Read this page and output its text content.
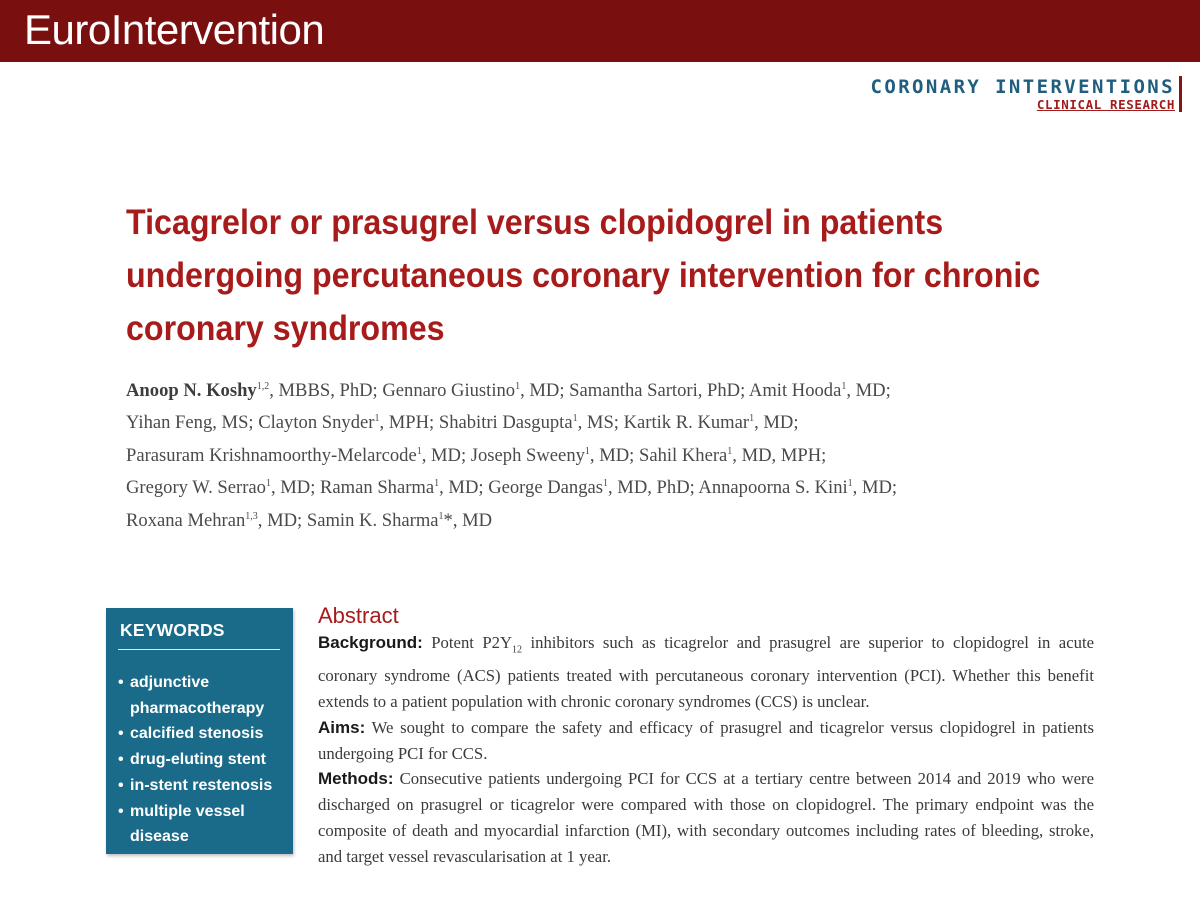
EuroIntervention
CORONARY INTERVENTIONS
CLINICAL RESEARCH
Ticagrelor or prasugrel versus clopidogrel in patients
undergoing percutaneous coronary intervention for chronic
coronary syndromes
Anoop N. Koshy$^{1,2}$, MBBS, PhD; Gennaro Giustino$^1$, MD; Samantha Sartori, PhD; Amit Hooda$^1$, MD;
Yihan Feng, MS; Clayton Snyder$^1$, MPH; Shabitri Dasgupta$^1$, MS; Kartik R. Kumar$^1$, MD;
Parasuram Krishnamoorthy-Melarcode$^1$, MD; Joseph Sweeny$^1$, MD; Sahil Khera$^1$, MD, MPH;
Gregory W. Serrao$^1$, MD; Raman Sharma$^1$, MD; George Dangas$^1$, MD, PhD; Annapoorna S. Kini$^1$, MD;
Roxana Mehran$^{1,3}$, MD; Samin K. Sharma$^1$*, MD
KEYWORDS
• adjunctive pharmacotherapy
• calcified stenosis
• drug-eluting stent
• in-stent restenosis
• multiple vessel disease
Abstract

Background: Potent $P2Y_{12}$ inhibitors such as ticagrelor and prasugrel are superior to clopidogrel in acute coronary syndrome (ACS) patients treated with percutaneous coronary intervention (PCI). Whether this benefit extends to a patient population with chronic coronary syndromes (CCS) is unclear.

Aims: We sought to compare the safety and efficacy of prasugrel and ticagrelor versus clopidogrel in patients undergoing PCI for CCS.

Methods: Consecutive patients undergoing PCI for CCS at a tertiary centre between 2014 and 2019 who were discharged on prasugrel or ticagrelor were compared with those on clopidogrel. The primary endpoint was the composite of death and myocardial infarction (MI), with secondary outcomes including rates of bleeding, stroke, and target vessel revascularisation at 1 year.
